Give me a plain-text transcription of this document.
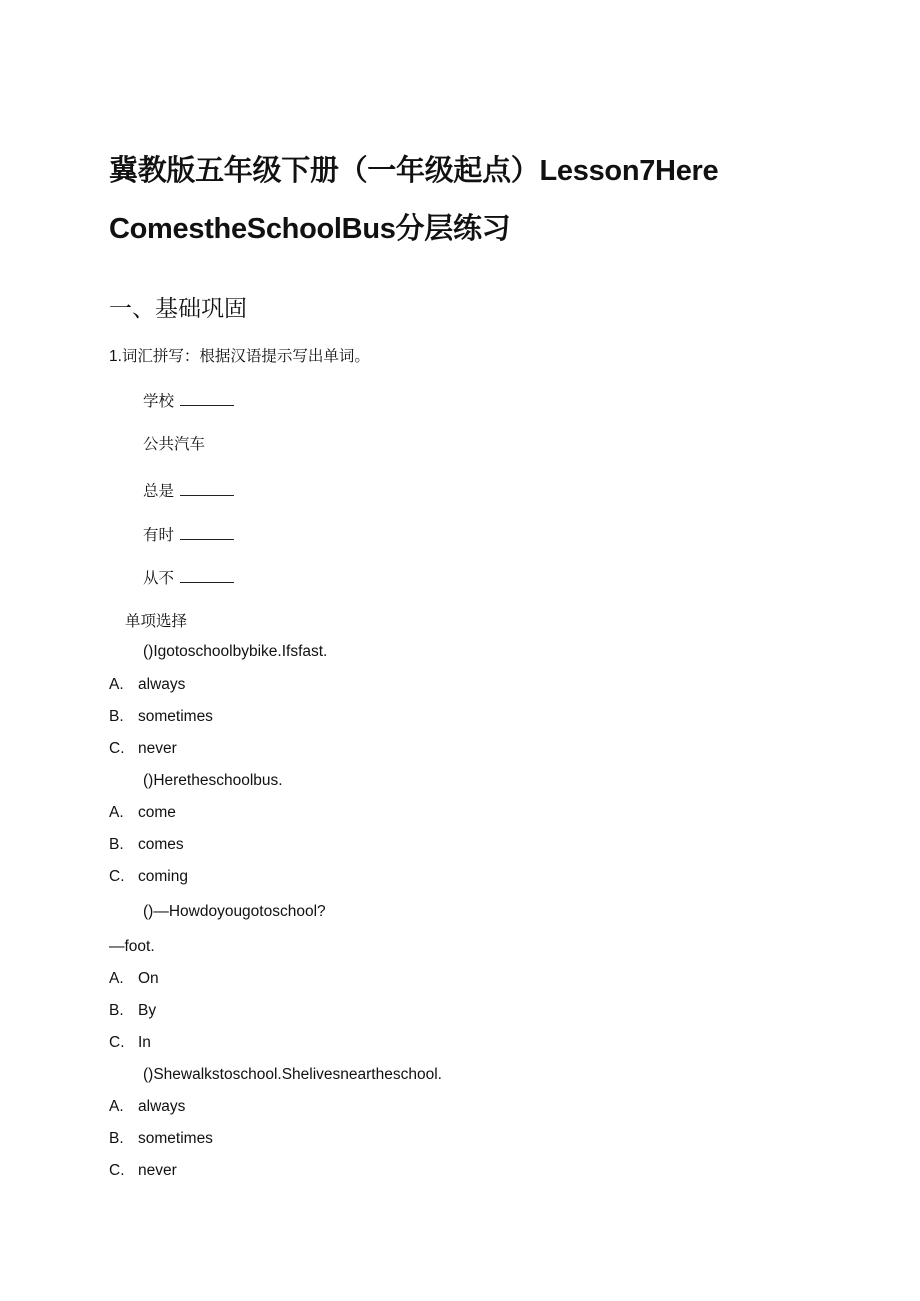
冀教版五年级下册（一年级起点）Lesson7Here
ComestheSchoolBus分层练习
一、基础巩固
1.词汇拼写：根据汉语提示写出单词。
学校
公共汽车
总是
有时
从不
单项选择
()Igotoschoolbybike.Ifsfast.
A. always
B. sometimes
C. never
()Heretheschoolbus.
A. come
B. comes
C. coming
()—Howdoyougotoschool?
—foot.
A. On
B. By
C. In
()Shewalkstoschool.Shelivesneartheschool.
A. always
B. sometimes
C. never
